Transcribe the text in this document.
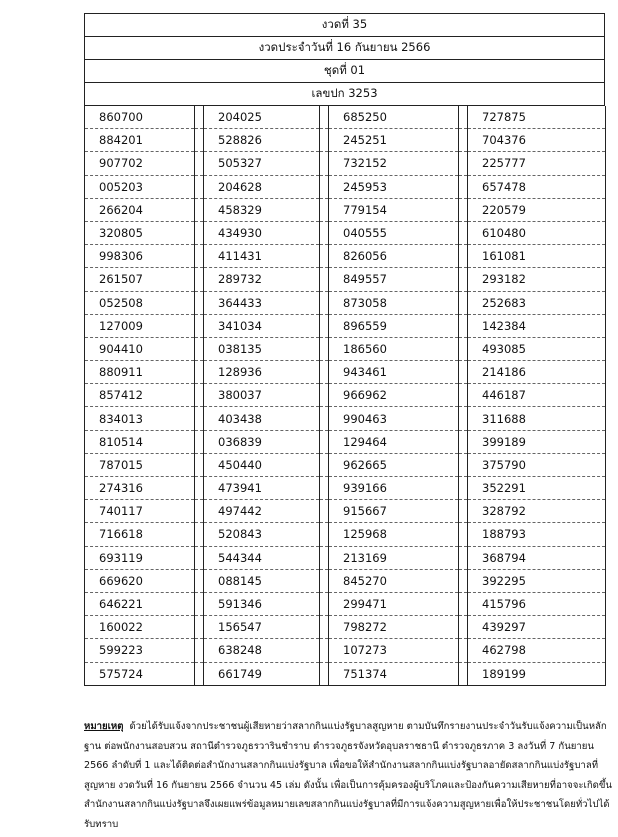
งวดที่ 35
งวดประจำวันที่ 16 กันยายน 2566
ชุดที่ 01
เลขปก 3253
860700		204025		685250		727875
884201		528826		245251		704376
907702		505327		732152		225777
005203		204628		245953		657478
266204		458329		779154		220579
320805		434930		040555		610480
998306		411431		826056		161081
261507		289732		849557		293182
052508		364433		873058		252683
127009		341034		896559		142384
904410		038135		186560		493085
880911		128936		943461		214186
857412		380037		966962		446187
834013		403438		990463		311688
810514		036839		129464		399189
787015		450440		962665		375790
274316		473941		939166		352291
740117		497442		915667		328792
716618		520843		125968		188793
693119		544344		213169		368794
669620		088145		845270		392295
646221		591346		299471		415796
160022		156547		798272		439297
599223		638248		107273		462798
575724		661749		751374		189199
หมายเหตุ ด้วยได้รับแจ้งจากประชาชนผู้เสียหายว่าสลากกินแบ่งรัฐบาลสูญหาย ตามบันทึกรายงานประจำวันรับแจ้งความเป็นหลักฐาน ต่อพนักงานสอบสวน สถานีตำรวจภูธรวารินชำราบ ตำรวจภูธรจังหวัดอุบลราชธานี ตำรวจภูธรภาค 3 ลงวันที่ 7 กันยายน 2566 ลำดับที่ 1 และได้ติดต่อสำนักงานสลากกินแบ่งรัฐบาล เพื่อขอให้สำนักงานสลากกินแบ่งรัฐบาลอายัดสลากกินแบ่งรัฐบาลที่สูญหาย งวดวันที่ 16 กันยายน 2566 จำนวน 45 เล่ม ดังนั้น เพื่อเป็นการคุ้มครองผู้บริโภคและป้องกันความเสียหายที่อาจจะเกิดขึ้น สำนักงานสลากกินแบ่งรัฐบาลจึงเผยแพร่ข้อมูลหมายเลขสลากกินแบ่งรัฐบาลที่มีการแจ้งความสูญหายเพื่อให้ประชาชนโดยทั่วไปได้รับทราบ
